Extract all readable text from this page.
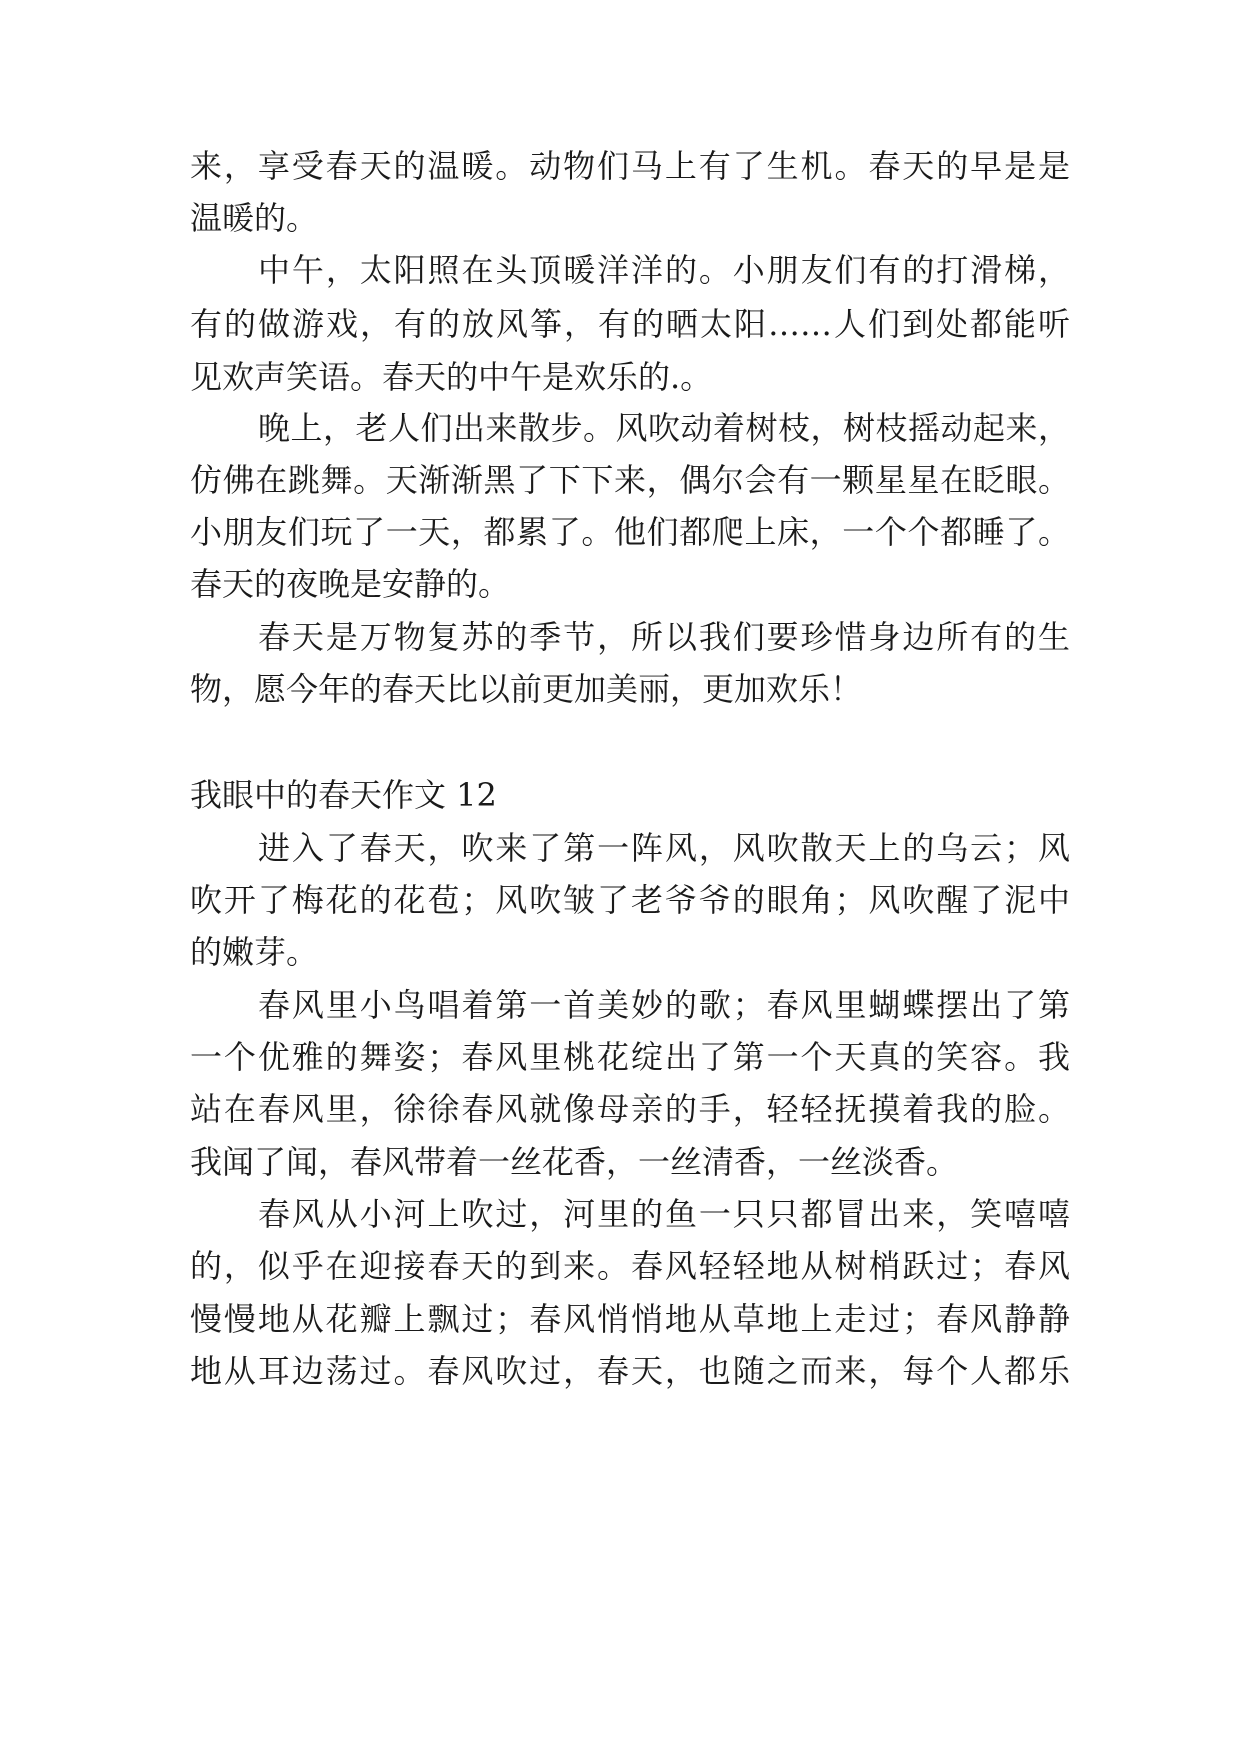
来，享受春天的温暖。动物们马上有了生机。春天的早是是
温暖的。
中午，太阳照在头顶暖洋洋的。小朋友们有的打滑梯，
有的做游戏，有的放风筝，有的晒太阳……人们到处都能听
见欢声笑语。春天的中午是欢乐的.。
晚上，老人们出来散步。风吹动着树枝，树枝摇动起来，
仿佛在跳舞。天渐渐黑了下下来，偶尔会有一颗星星在眨眼。
小朋友们玩了一天，都累了。他们都爬上床，一个个都睡了。
春天的夜晚是安静的。
春天是万物复苏的季节，所以我们要珍惜身边所有的生
物，愿今年的春天比以前更加美丽，更加欢乐！
我眼中的春天作文 12
进入了春天，吹来了第一阵风，风吹散天上的乌云；风
吹开了梅花的花苞；风吹皱了老爷爷的眼角；风吹醒了泥中
的嫩芽。
春风里小鸟唱着第一首美妙的歌；春风里蝴蝶摆出了第
一个优雅的舞姿；春风里桃花绽出了第一个天真的笑容。我
站在春风里，徐徐春风就像母亲的手，轻轻抚摸着我的脸。
我闻了闻，春风带着一丝花香，一丝清香，一丝淡香。
春风从小河上吹过，河里的鱼一只只都冒出来，笑嘻嘻
的，似乎在迎接春天的到来。春风轻轻地从树梢跃过；春风
慢慢地从花瓣上飘过；春风悄悄地从草地上走过；春风静静
地从耳边荡过。春风吹过，春天，也随之而来，每个人都乐
